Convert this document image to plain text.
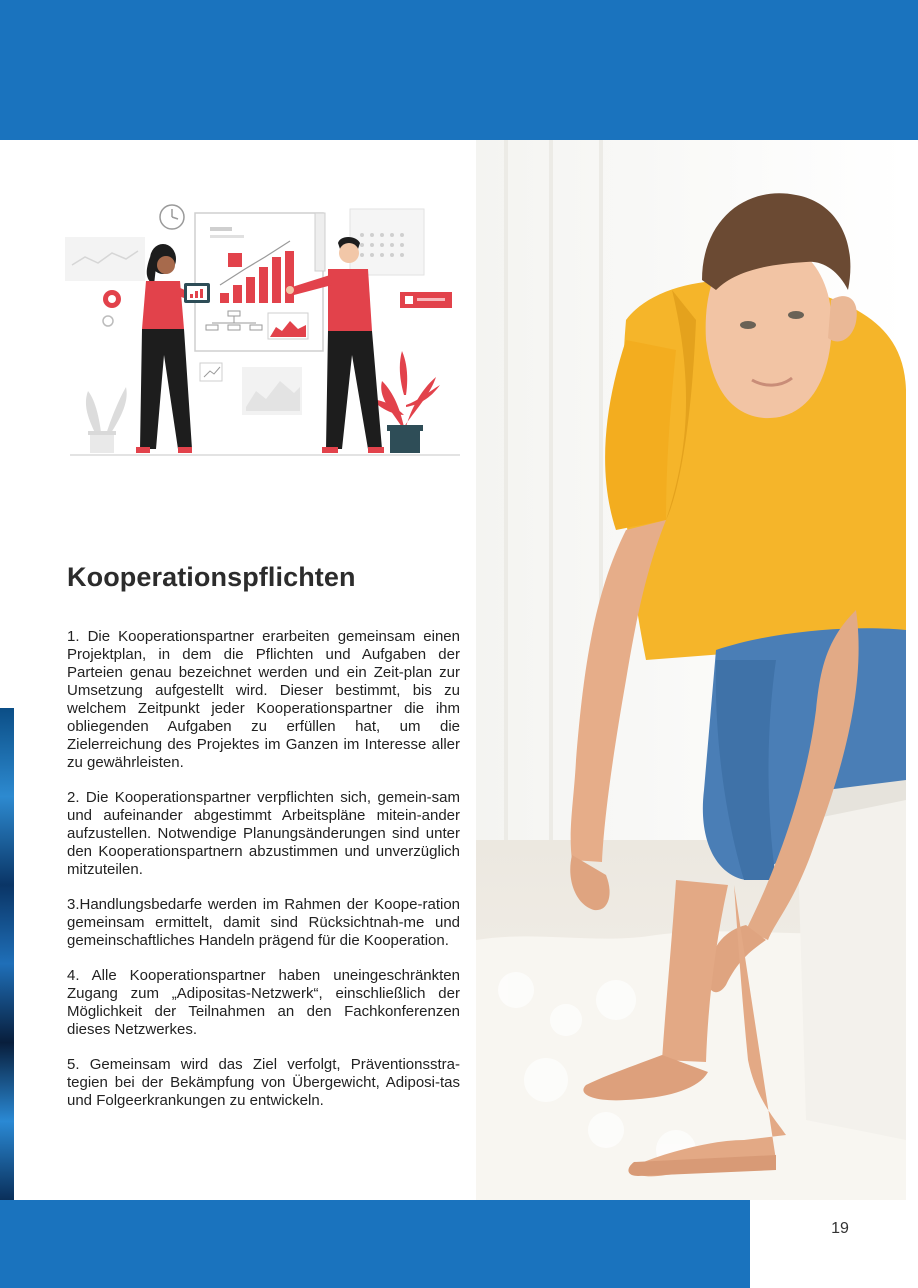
Kooperationspflichten

1. Die Kooperationspartner erarbeiten gemeinsam einen Projektplan, in dem die Pflichten und Aufgaben der Parteien genau bezeichnet werden und ein Zeit-plan zur Umsetzung aufgestellt wird. Dieser bestimmt, bis zu welchem Zeitpunkt jeder Kooperationspartner die ihm obliegenden Aufgaben zu erfüllen hat, um die Zielerreichung des Projektes im Ganzen im Interesse aller zu gewährleisten.

2. Die Kooperationspartner verpflichten sich, gemein-sam und aufeinander abgestimmt Arbeitspläne mitein-ander aufzustellen. Notwendige Planungsänderungen sind unter den Kooperationspartnern abzustimmen und unverzüglich mitzuteilen.

3.Handlungsbedarfe werden im Rahmen der Koope-ration gemeinsam ermittelt, damit sind Rücksichtnah-me und gemeinschaftliches Handeln prägend für die Kooperation.

4. Alle Kooperationspartner haben uneingeschränkten Zugang zum „Adipositas-Netzwerk“, einschließlich der Möglichkeit der Teilnahmen an den Fachkonferenzen dieses Netzwerkes.

5. Gemeinsam wird das Ziel verfolgt, Präventionsstra-tegien bei der Bekämpfung von Übergewicht, Adiposi-tas und Folgeerkrankungen zu entwickeln.

19
